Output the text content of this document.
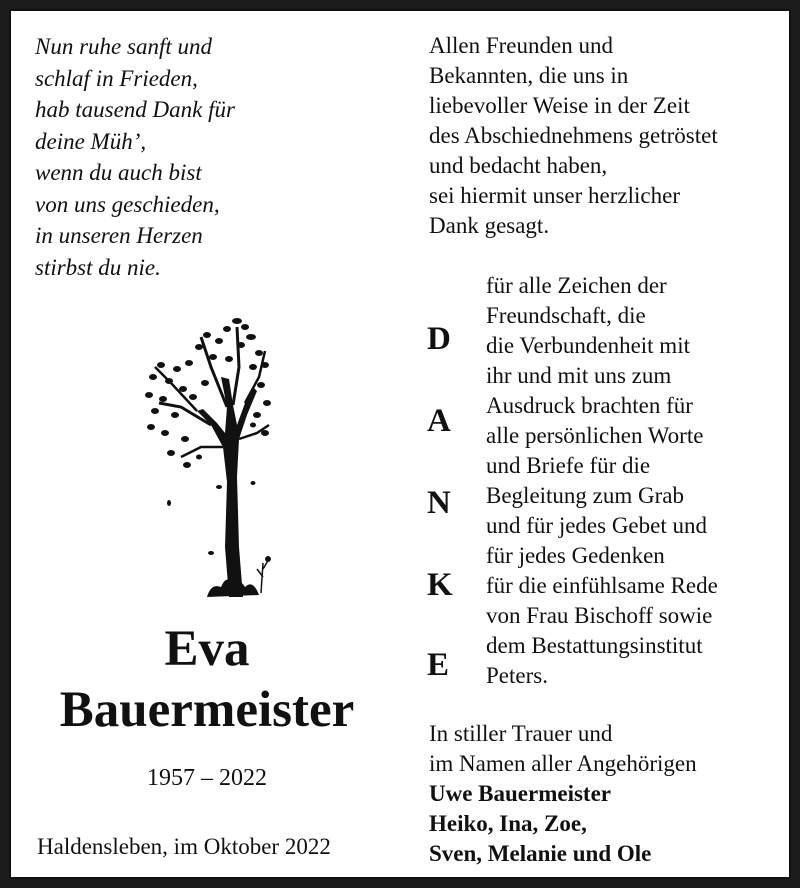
Nun ruhe sanft und
schlaf in Frieden,
hab tausend Dank für
deine Müh’,
wenn du auch bist
von uns geschieden,
in unseren Herzen
stirbst du nie.
Eva
Bauermeister
1957 – 2022
Haldensleben, im Oktober 2022
Allen Freunden und
Bekannten, die uns in
liebevoller Weise in der Zeit
des Abschiednehmens getröstet
und bedacht haben,
sei hiermit unser herzlicher
Dank gesagt.
D
A
N
K
E
für alle Zeichen der
Freundschaft, die
die Verbundenheit mit
ihr und mit uns zum
Ausdruck brachten für
alle persönlichen Worte
und Briefe für die
Begleitung zum Grab
und für jedes Gebet und
für jedes Gedenken
für die einfühlsame Rede
von Frau Bischoff sowie
dem Bestattungsinstitut
Peters.
In stiller Trauer und
im Namen aller Angehörigen
Uwe Bauermeister
Heiko, Ina, Zoe,
Sven, Melanie und Ole
